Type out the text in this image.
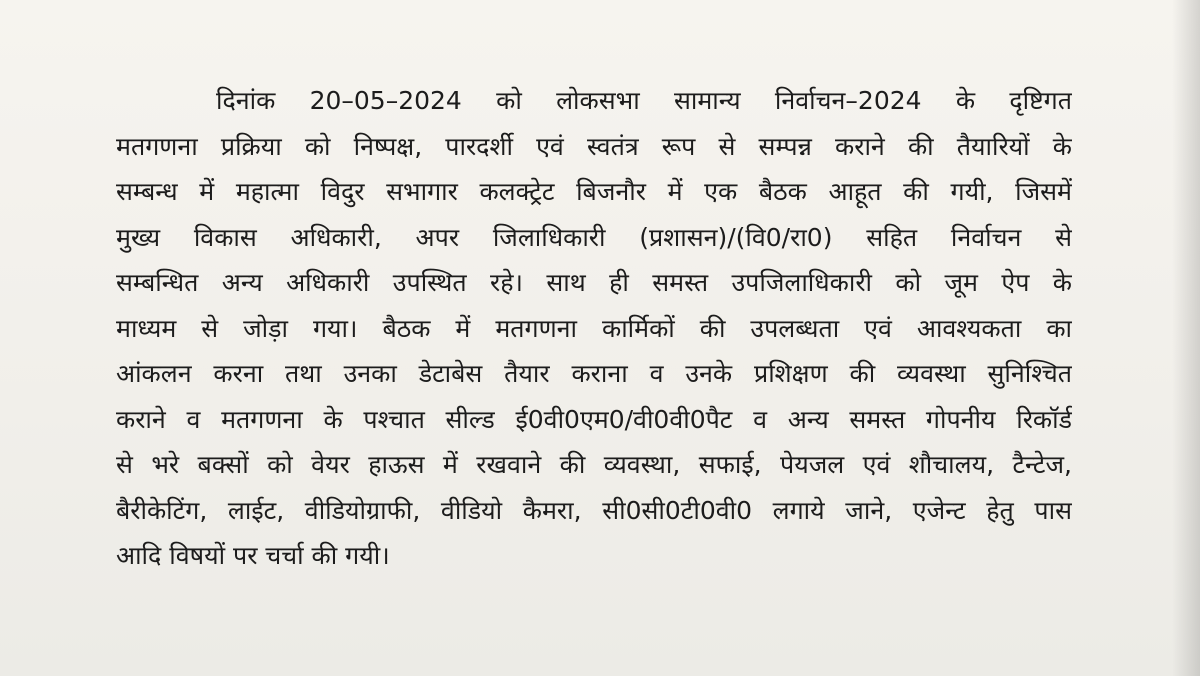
दिनांक 20–05–2024 को लोकसभा सामान्य निर्वाचन–2024 के दृष्टिगत
मतगणना प्रक्रिया को निष्पक्ष, पारदर्शी एवं स्वतंत्र रूप से सम्पन्न कराने की तैयारियों के
सम्बन्ध में महात्मा विदुर सभागार कलक्ट्रेट बिजनौर में एक बैठक आहूत की गयी, जिसमें
मुख्य विकास अधिकारी, अपर जिलाधिकारी (प्रशासन)/(वि0/रा0) सहित निर्वाचन से
सम्बन्धित अन्य अधिकारी उपस्थित रहे। साथ ही समस्त उपजिलाधिकारी को जूम ऐप के
माध्यम से जोड़ा गया। बैठक में मतगणना कार्मिकों की उपलब्धता एवं आवश्यकता का
आंकलन करना तथा उनका डेटाबेस तैयार कराना व उनके प्रशिक्षण की व्यवस्था सुनिश्चित
कराने व मतगणना के पश्चात सील्ड ई0वी0एम0/वी0वी0पैट व अन्य समस्त गोपनीय रिकॉर्ड
से भरे बक्सों को वेयर हाऊस में रखवाने की व्यवस्था, सफाई, पेयजल एवं शौचालय, टैन्टेज,
बैरीकेटिंग, लाईट, वीडियोग्राफी, वीडियो कैमरा, सी0सी0टी0वी0 लगाये जाने, एजेन्ट हेतु पास
आदि विषयों पर चर्चा की गयी।
